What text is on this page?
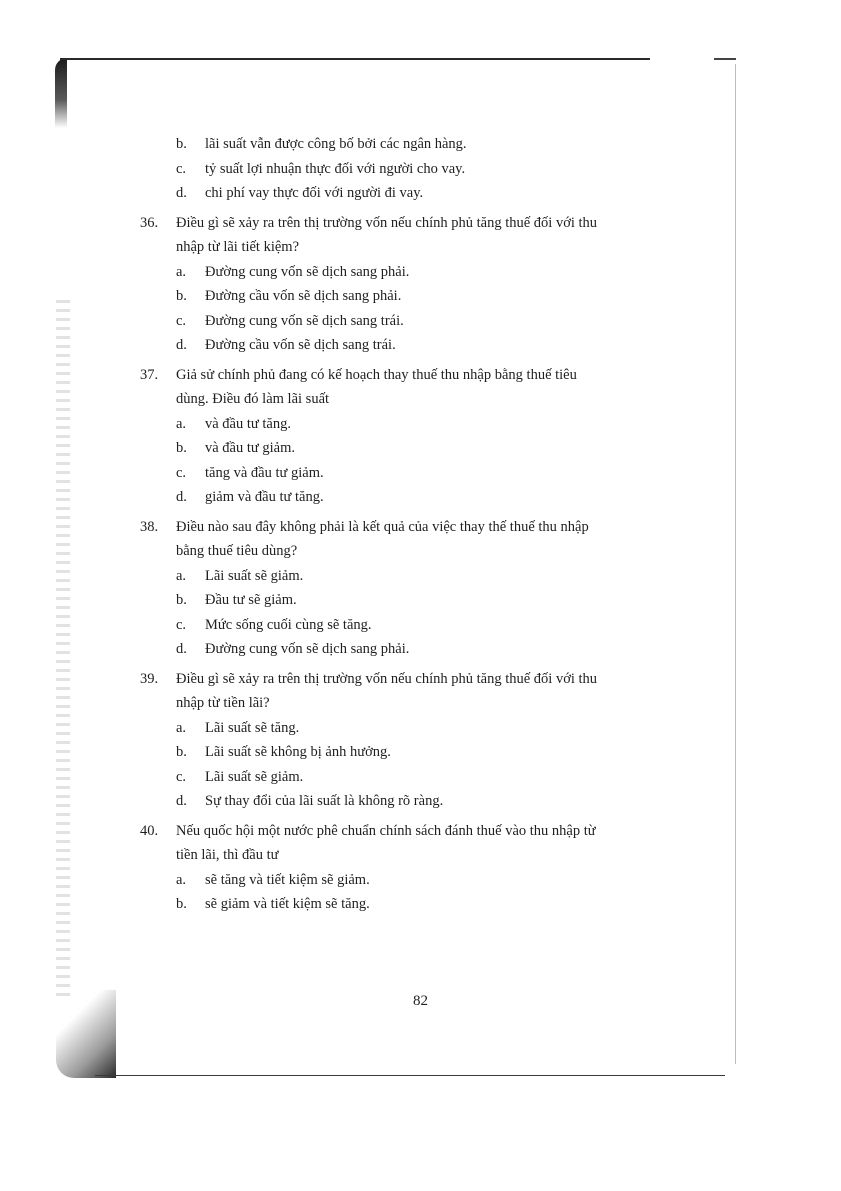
b. lãi suất vẫn được công bố bởi các ngân hàng.
c. tỷ suất lợi nhuận thực đối với người cho vay.
d. chi phí vay thực đối với người đi vay.
36. Điều gì sẽ xảy ra trên thị trường vốn nếu chính phủ tăng thuế đối với thu
nhập từ lãi tiết kiệm?
a. Đường cung vốn sẽ dịch sang phải.
b. Đường cầu vốn sẽ dịch sang phải.
c. Đường cung vốn sẽ dịch sang trái.
d. Đường cầu vốn sẽ dịch sang trái.
37. Giả sử chính phủ đang có kế hoạch thay thuế thu nhập bằng thuế tiêu
dùng. Điều đó làm lãi suất
a. và đầu tư tăng.
b. và đầu tư giảm.
c. tăng và đầu tư giảm.
d. giảm và đầu tư tăng.
38. Điều nào sau đây không phải là kết quả của việc thay thế thuế thu nhập
bằng thuế tiêu dùng?
a. Lãi suất sẽ giảm.
b. Đầu tư sẽ giảm.
c. Mức sống cuối cùng sẽ tăng.
d. Đường cung vốn sẽ dịch sang phải.
39. Điều gì sẽ xảy ra trên thị trường vốn nếu chính phủ tăng thuế đối với thu
nhập từ tiền lãi?
a. Lãi suất sẽ tăng.
b. Lãi suất sẽ không bị ảnh hưởng.
c. Lãi suất sẽ giảm.
d. Sự thay đổi của lãi suất là không rõ ràng.
40. Nếu quốc hội một nước phê chuẩn chính sách đánh thuế vào thu nhập từ
tiền lãi, thì đầu tư
a. sẽ tăng và tiết kiệm sẽ giảm.
b. sẽ giảm và tiết kiệm sẽ tăng.
82
